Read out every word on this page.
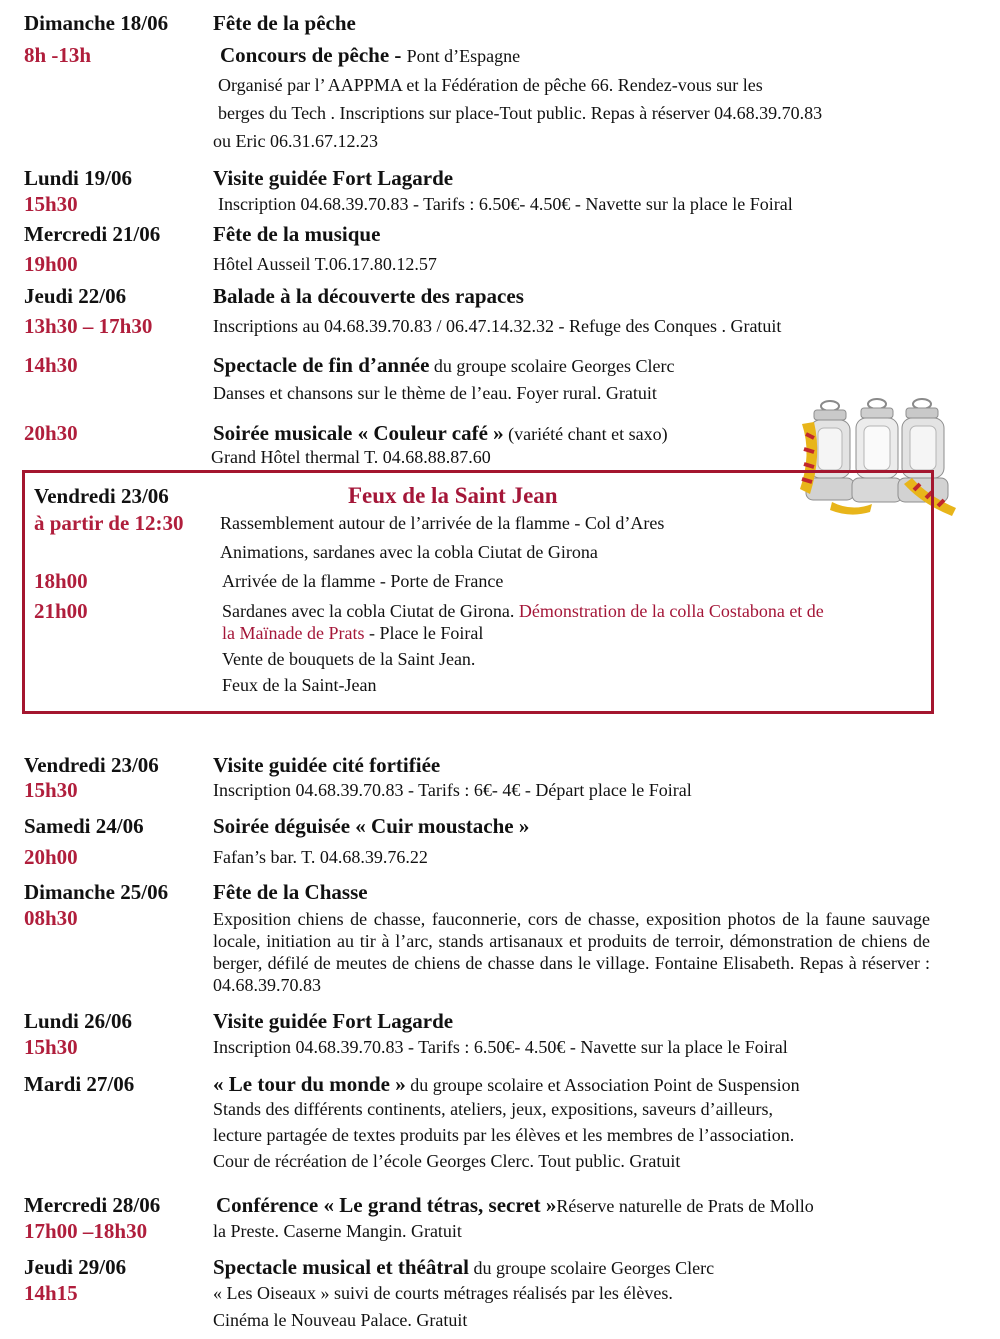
Dimanche 18/06 Fête de la pêche
8h -13h	Concours de pêche - Pont d’Espagne
Organisé par l’ AAPPMA et la Fédération de pêche 66. Rendez-vous sur les
berges du Tech . Inscriptions sur place-Tout public. Repas à réserver 04.68.39.70.83
ou Eric 06.31.67.12.23
Lundi 19/06	Visite guidée Fort Lagarde
15h30	Inscription 04.68.39.70.83 - Tarifs : 6.50€- 4.50€ - Navette sur la place le Foiral
Mercredi 21/06	Fête de la musique
19h00	Hôtel Ausseil T.06.17.80.12.57
Jeudi 22/06	Balade à la découverte des rapaces
13h30 – 17h30	Inscriptions au 04.68.39.70.83 / 06.47.14.32.32 - Refuge des Conques . Gratuit
14h30	Spectacle de fin d’année du groupe scolaire Georges Clerc
Danses et chansons sur le thème de l’eau. Foyer rural. Gratuit
20h30	Soirée musicale « Couleur café » (variété chant et saxo)
Grand Hôtel thermal T. 04.68.88.87.60
Vendredi 23/06	Feux de la Saint Jean
à partir de 12:30 Rassemblement autour de l’arrivée de la flamme - Col d’Ares
Animations, sardanes avec la cobla Ciutat de Girona
18h00	Arrivée de la flamme - Porte de France
21h00	Sardanes avec la cobla Ciutat de Girona. Démonstration de la colla Costabona et de
la Maïnade de Prats - Place le Foiral
Vente de bouquets de la Saint Jean.
Feux de la Saint-Jean
Vendredi 23/06	Visite guidée cité fortifiée
15h30	Inscription 04.68.39.70.83 - Tarifs : 6€- 4€ - Départ place le Foiral
Samedi 24/06	Soirée déguisée « Cuir moustache »
20h00	Fafan’s bar. T. 04.68.39.76.22
Dimanche 25/06 Fête de la Chasse
08h30	Exposition chiens de chasse, fauconnerie, cors de chasse, exposition photos de la faune sauvage locale, initiation au tir à l’arc, stands artisanaux et produits de terroir, démonstration de chiens de berger, défilé de meutes de chiens de chasse dans le village. Fontaine Elisabeth. Repas à réserver : 04.68.39.70.83
Lundi 26/06	Visite guidée Fort Lagarde
15h30	Inscription 04.68.39.70.83 - Tarifs : 6.50€- 4.50€ - Navette sur la place le Foiral
Mardi 27/06	« Le tour du monde » du groupe scolaire et Association Point de Suspension
Stands des différents continents, ateliers, jeux, expositions, saveurs d’ailleurs,
lecture partagée de textes produits par les élèves et les membres de l’association.
Cour de récréation de l’école Georges Clerc. Tout public. Gratuit
Mercredi 28/06	Conférence « Le grand tétras, secret »Réserve naturelle de Prats de Mollo
17h00 –18h30	la Preste. Caserne Mangin. Gratuit
Jeudi 29/06	Spectacle musical et théâtral du groupe scolaire Georges Clerc
14h15	« Les Oiseaux » suivi de courts métrages réalisés par les élèves.
Cinéma le Nouveau Palace. Gratuit
